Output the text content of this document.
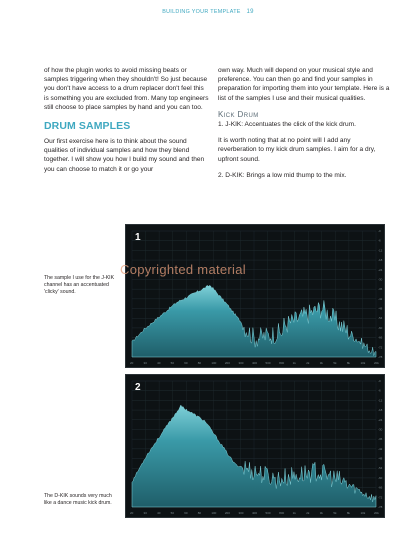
BUILDING YOUR TEMPLATE 19

of how the plugin works to avoid missing beats or samples triggering when they shouldn't! So just because you don't have access to a drum replacer don't feel this is something you are excluded from. Many top engineers still choose to place samples by hand and you can too.

DRUM SAMPLES

Our first exercise here is to think about the sound qualities of individual samples and how they blend together. I will show you how I build my sound and then you can choose to match it or go your

own way. Much will depend on your musical style and preference. You can then go and find your samples in preparation for importing them into your template. Here is a list of the samples I use and their musical qualities.

Kick Drum

1. J-KIK: Accentuates the click of the kick drum.

It is worth noting that at no point will I add any reverberation to my kick drum samples. I aim for a dry, upfront sound.

2. D-KIK: Brings a low mid thump to the mix.

-0
-6
-12
-18
-24
-30
-36
-42
-48
-54
-60
-66
-72
-78
20	30	40	50	60	80	100	200	300	400	500	800	1k	2k	3k	5k	8k	10k	20k
1
The sample I use for the J-KIK channel has an accentuated 'clicky' sound.
-0
-6
-12
-18
-24
-30
-36
-42
-48
-54
-60
-66
-72
-78
20	30	40	50	60	80	100	200	300	400	500	800	1k	2k	3k	5k	8k	10k	20k
2
The D-KIK sounds very much like a dance music kick drum.
Copyrighted material
